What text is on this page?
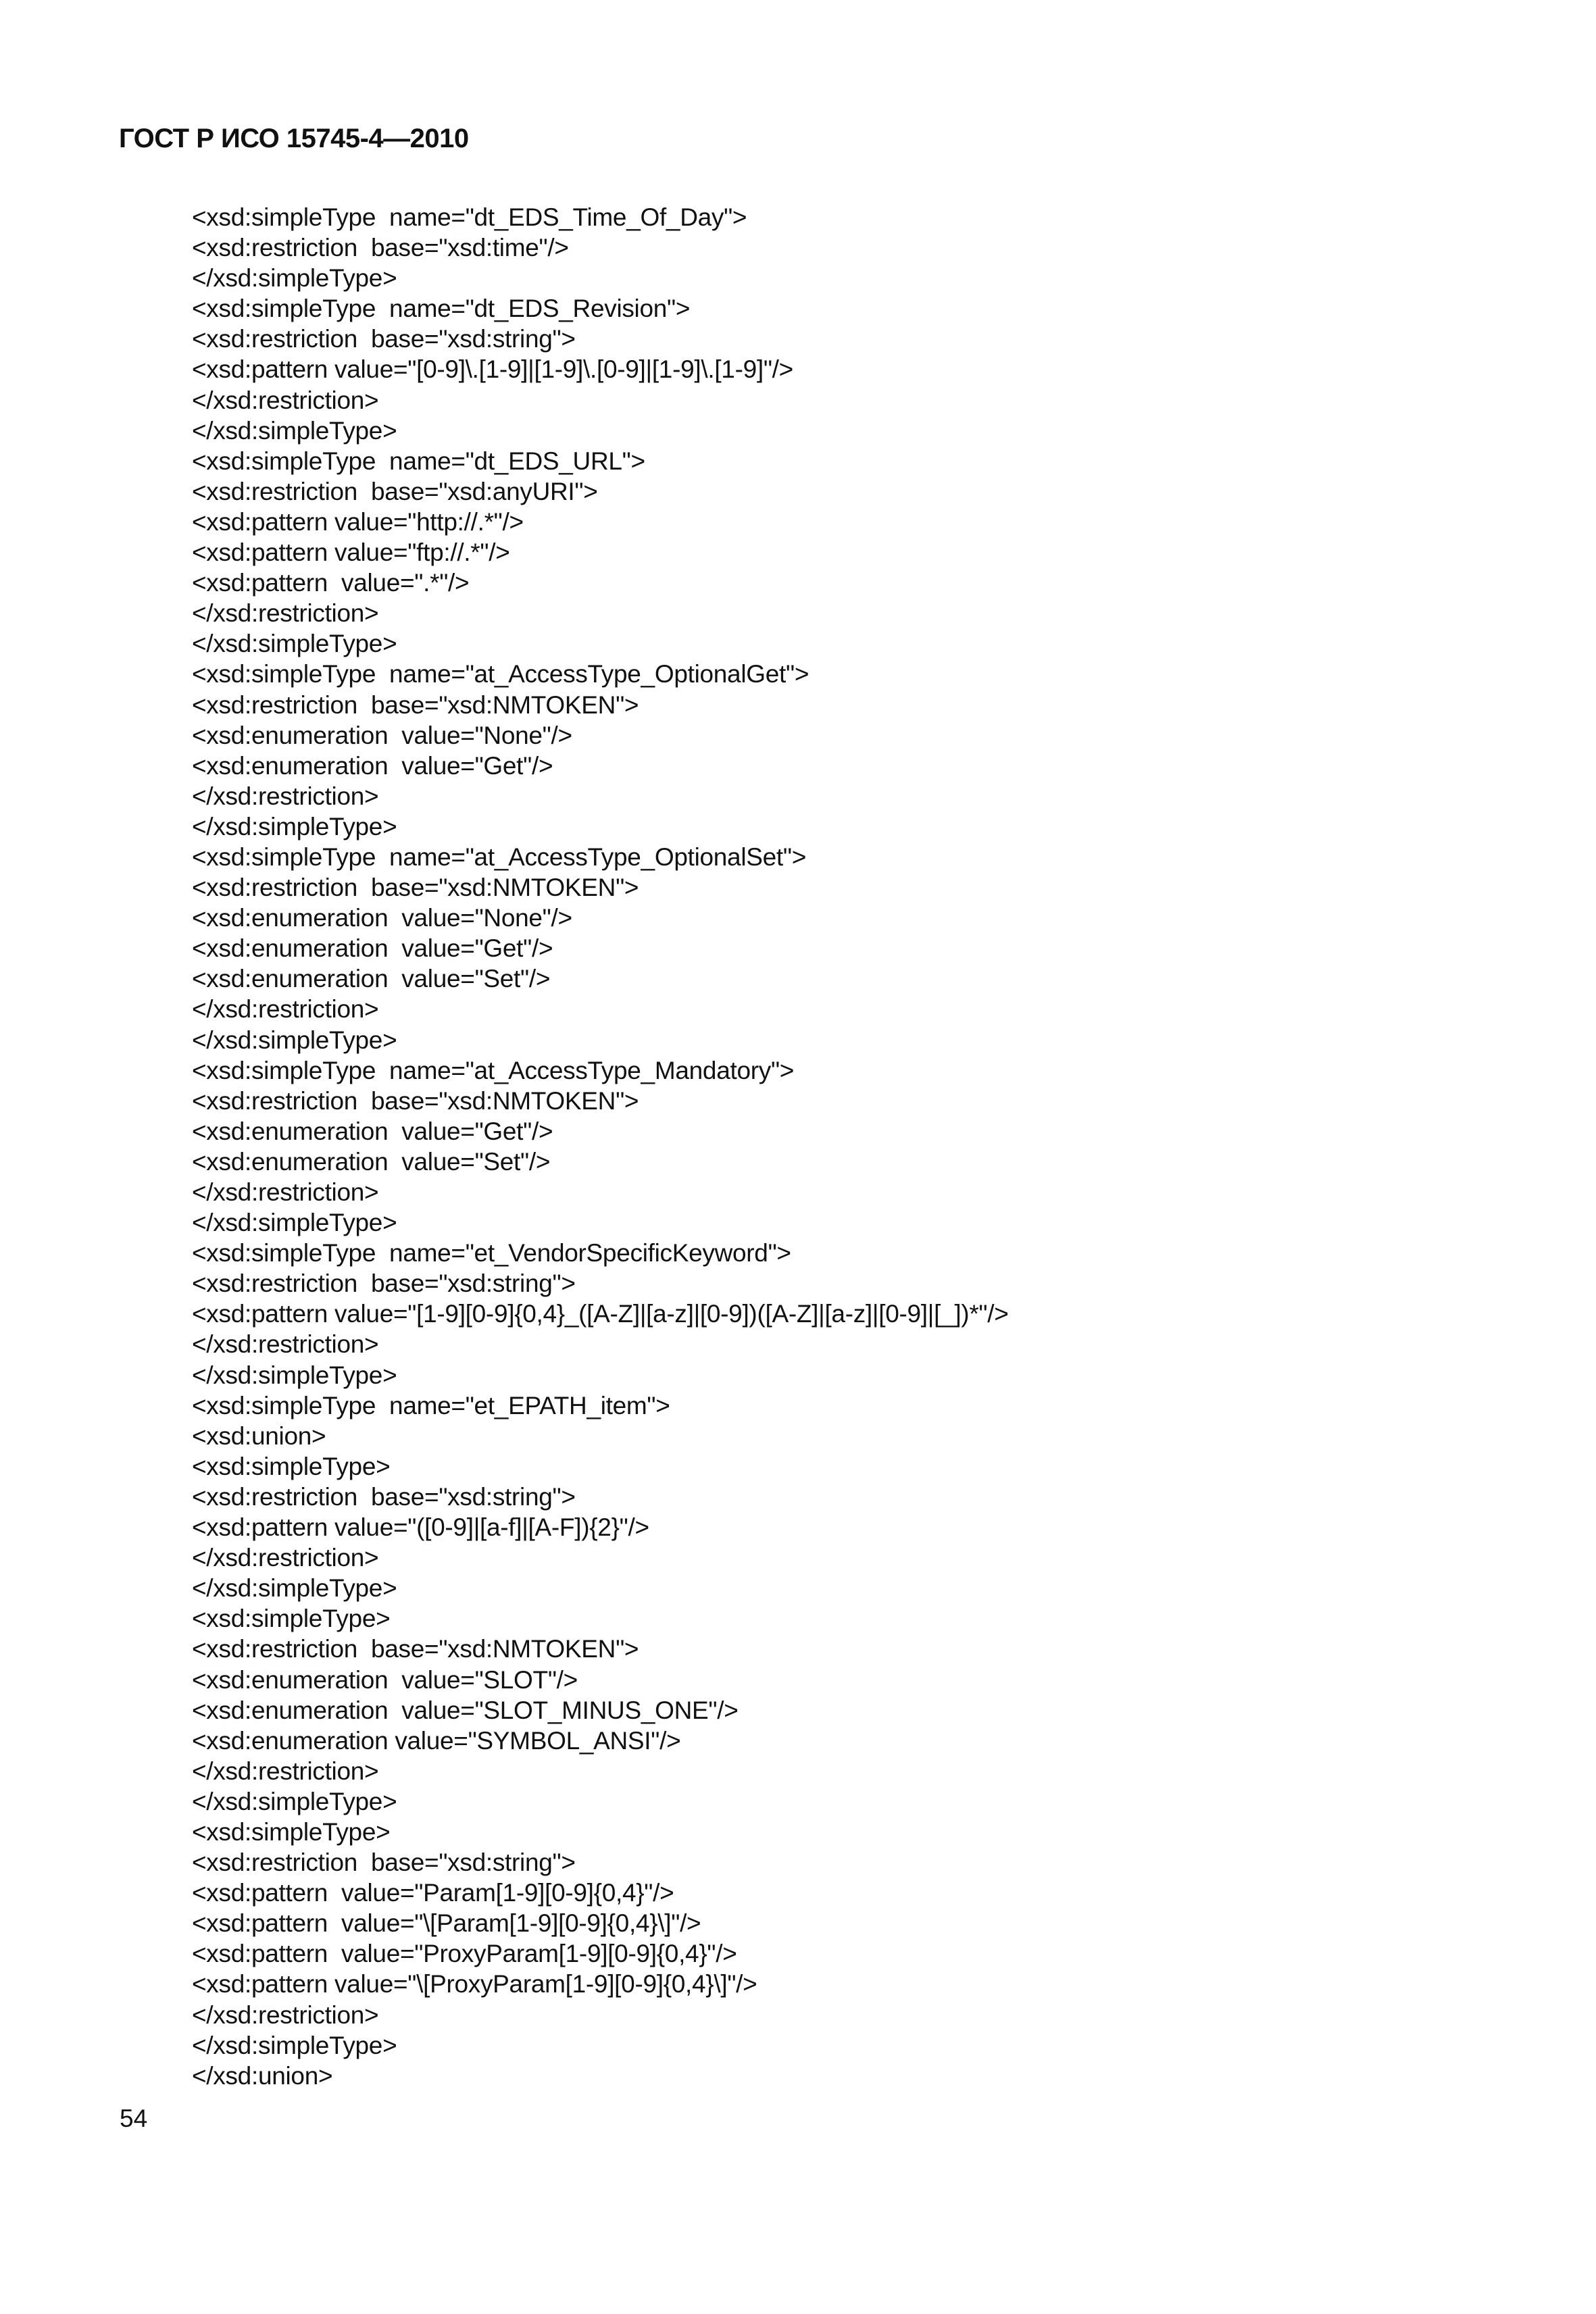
ГОСТ Р ИСО 15745-4—2010
<xsd:simpleType  name="dt_EDS_Time_Of_Day">
<xsd:restriction  base="xsd:time"/>
</xsd:simpleType>
<xsd:simpleType  name="dt_EDS_Revision">
<xsd:restriction  base="xsd:string">
<xsd:pattern value="[0-9]\.[1-9]|[1-9]\.[0-9]|[1-9]\.[1-9]"/>
</xsd:restriction>
</xsd:simpleType>
<xsd:simpleType  name="dt_EDS_URL">
<xsd:restriction  base="xsd:anyURI">
<xsd:pattern value="http://.*"/>
<xsd:pattern value="ftp://.*"/>
<xsd:pattern  value=".*"/>
</xsd:restriction>
</xsd:simpleType>
<xsd:simpleType  name="at_AccessType_OptionalGet">
<xsd:restriction  base="xsd:NMTOKEN">
<xsd:enumeration  value="None"/>
<xsd:enumeration  value="Get"/>
</xsd:restriction>
</xsd:simpleType>
<xsd:simpleType  name="at_AccessType_OptionalSet">
<xsd:restriction  base="xsd:NMTOKEN">
<xsd:enumeration  value="None"/>
<xsd:enumeration  value="Get"/>
<xsd:enumeration  value="Set"/>
</xsd:restriction>
</xsd:simpleType>
<xsd:simpleType  name="at_AccessType_Mandatory">
<xsd:restriction  base="xsd:NMTOKEN">
<xsd:enumeration  value="Get"/>
<xsd:enumeration  value="Set"/>
</xsd:restriction>
</xsd:simpleType>
<xsd:simpleType  name="et_VendorSpecificKeyword">
<xsd:restriction  base="xsd:string">
<xsd:pattern value="[1-9][0-9]{0,4}_([A-Z]|[a-z]|[0-9])([A-Z]|[a-z]|[0-9]|[_])*"/>
</xsd:restriction>
</xsd:simpleType>
<xsd:simpleType  name="et_EPATH_item">
<xsd:union>
<xsd:simpleType>
<xsd:restriction  base="xsd:string">
<xsd:pattern value="([0-9]|[a-f]|[A-F]){2}"/>
</xsd:restriction>
</xsd:simpleType>
<xsd:simpleType>
<xsd:restriction  base="xsd:NMTOKEN">
<xsd:enumeration  value="SLOT"/>
<xsd:enumeration  value="SLOT_MINUS_ONE"/>
<xsd:enumeration value="SYMBOL_ANSI"/>
</xsd:restriction>
</xsd:simpleType>
<xsd:simpleType>
<xsd:restriction  base="xsd:string">
<xsd:pattern  value="Param[1-9][0-9]{0,4}"/>
<xsd:pattern  value="\[Param[1-9][0-9]{0,4}\]"/>
<xsd:pattern  value="ProxyParam[1-9][0-9]{0,4}"/>
<xsd:pattern value="\[ProxyParam[1-9][0-9]{0,4}\]"/>
</xsd:restriction>
</xsd:simpleType>
</xsd:union>
54
